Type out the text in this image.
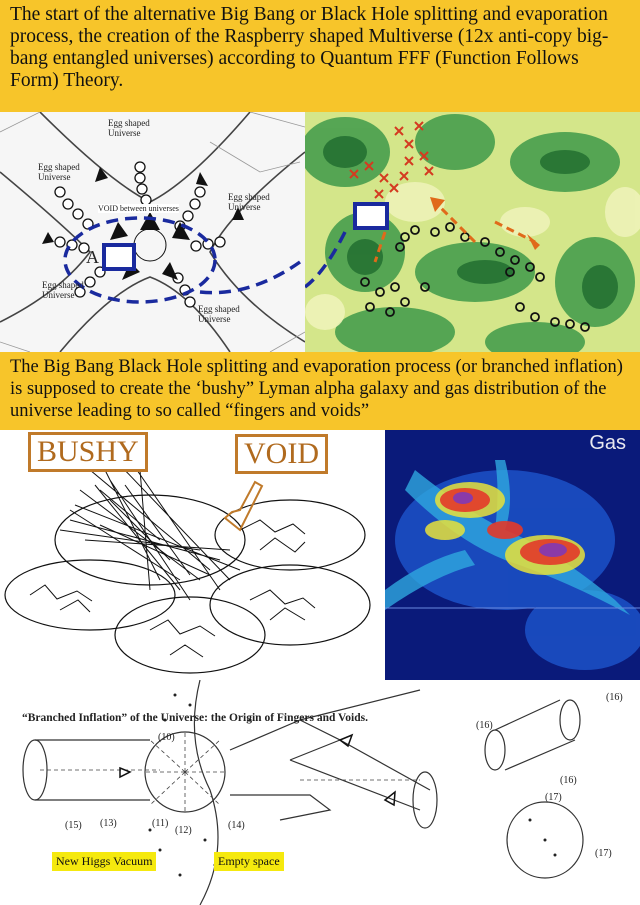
The start of the alternative Big Bang or Black Hole splitting and evaporation process, the creation of the Raspberry shaped Multiverse (12x anti-copy big-bang entangled universes) according to Quantum FFF (Function Follows Form) Theory.
Egg shaped Universe
Egg shaped Universe
VOID between universes
Egg shaped Universe
Egg shaped Universe
Egg shaped Universe
A
The Big Bang Black Hole splitting and evaporation process (or branched inflation) is supposed to create the ‘bushy” Lyman alpha galaxy and gas distribution of the universe leading to so called “fingers and voids”
BUSHY	VOID	Gas
“Branched Inflation” of the Universe: the Origin of Fingers and Voids.
(10)
(15) (13)	(11)
(12)	(14)
(16)
(16)
(16)
(17)
(17)
New Higgs Vacuum	Empty space
